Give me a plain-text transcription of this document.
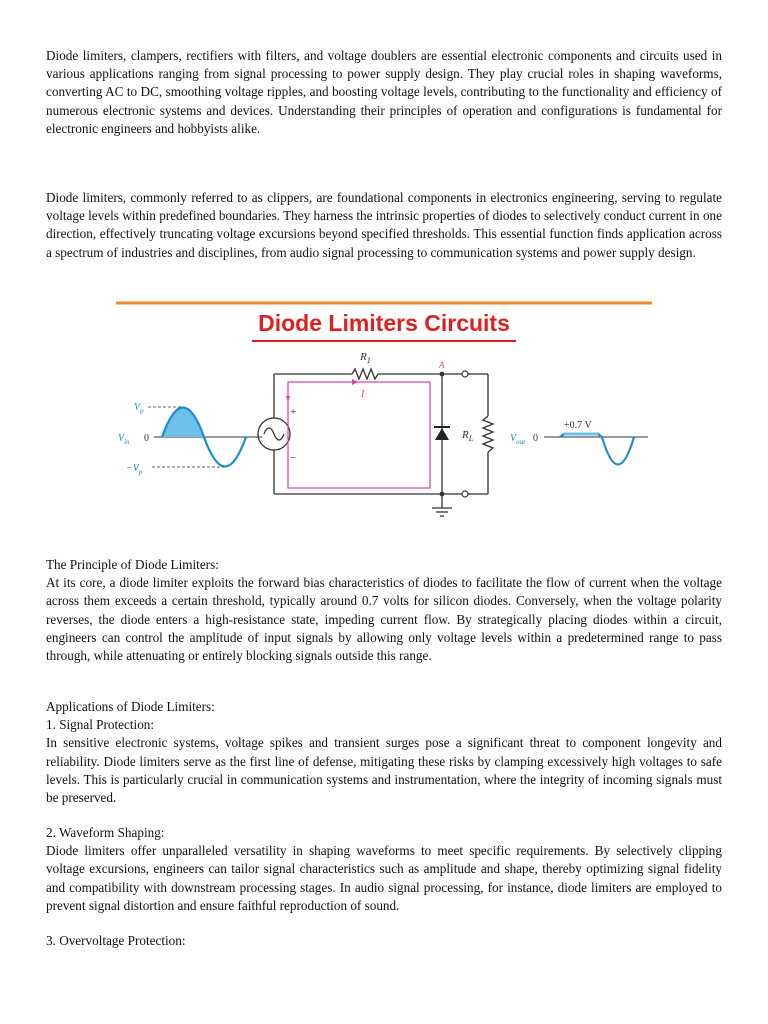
Diode limiters, clampers, rectifiers with filters, and voltage doublers are essential electronic components and circuits used in various applications ranging from signal processing to power supply design. They play crucial roles in shaping waveforms, converting AC to DC, smoothing voltage ripples, and boosting voltage levels, contributing to the functionality and efficiency of numerous electronic systems and devices. Understanding their principles of operation and configurations is fundamental for electronic engineers and hobbyists alike.

Diode limiters, commonly referred to as clippers, are foundational components in electronics engineering, serving to regulate voltage levels within predefined boundaries. They harness the intrinsic properties of diodes to selectively conduct current in one direction, effectively truncating voltage excursions beyond specified thresholds. This essential function finds application across a spectrum of industries and disciplines, from audio signal processing to communication systems and power supply design.

$R_1$	A
I
+
−
$R_L$
$V_p$
$V_{in}$ 0
$-V_p$
$V_{out}$ 0
+0.7 V
Diode Limiters Circuits
The Principle of Diode Limiters:

At its core, a diode limiter exploits the forward bias characteristics of diodes to facilitate the flow of current when the voltage across them exceeds a certain threshold, typically around 0.7 volts for silicon diodes. Conversely, when the voltage polarity reverses, the diode enters a high-resistance state, impeding current flow. By strategically placing diodes within a circuit, engineers can control the amplitude of input signals by allowing only voltage levels within a predetermined range to pass through, while attenuating or entirely blocking signals outside this range.

Applications of Diode Limiters:
1. Signal Protection:

In sensitive electronic systems, voltage spikes and transient surges pose a significant threat to component longevity and reliability. Diode limiters serve as the first line of defense, mitigating these risks by clamping excessively high voltages to safe levels. This is particularly crucial in communication systems and instrumentation, where the integrity of incoming signals must be preserved.

2. Waveform Shaping:

Diode limiters offer unparalleled versatility in shaping waveforms to meet specific requirements. By selectively clipping voltage excursions, engineers can tailor signal characteristics such as amplitude and shape, thereby optimizing signal fidelity and compatibility with downstream processing stages. In audio signal processing, for instance, diode limiters are employed to prevent signal distortion and ensure faithful reproduction of sound.

3. Overvoltage Protection:
